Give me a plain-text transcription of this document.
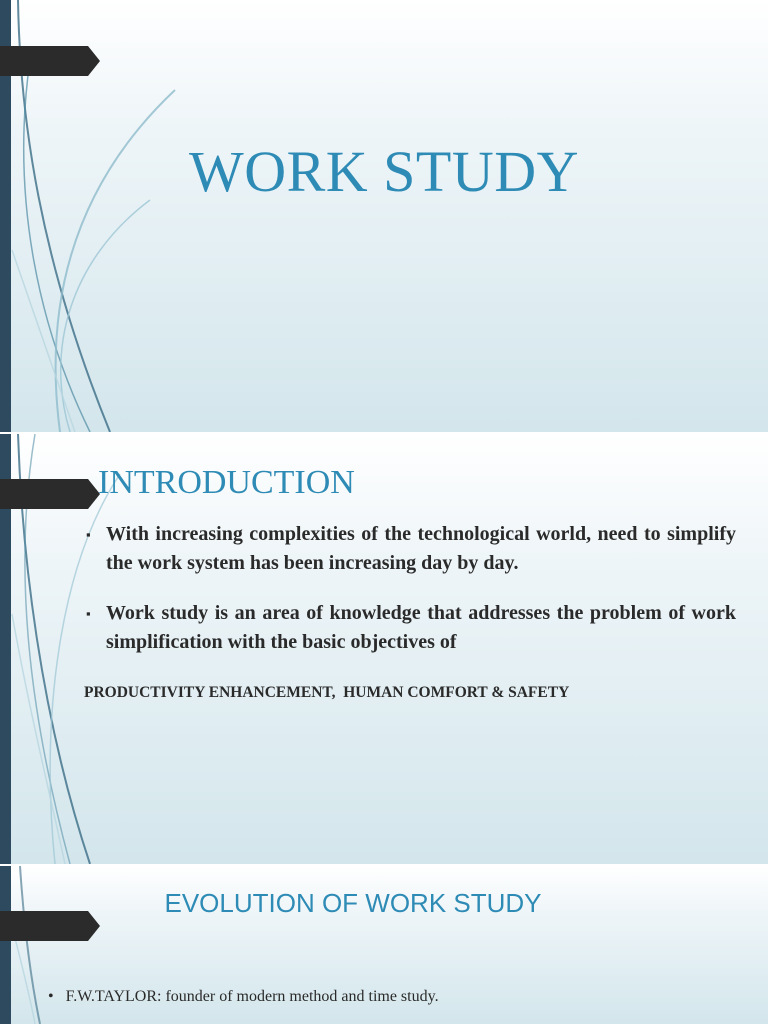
WORK STUDY
INTRODUCTION
▪ With increasing complexities of the technological world, need to simplify the work system has been increasing day by day.
▪ Work study is an area of knowledge that addresses the problem of work simplification with the basic objectives of
PRODUCTIVITY ENHANCEMENT,  HUMAN COMFORT & SAFETY
EVOLUTION OF WORK STUDY
• F.W.TAYLOR: founder of modern method and time study.
